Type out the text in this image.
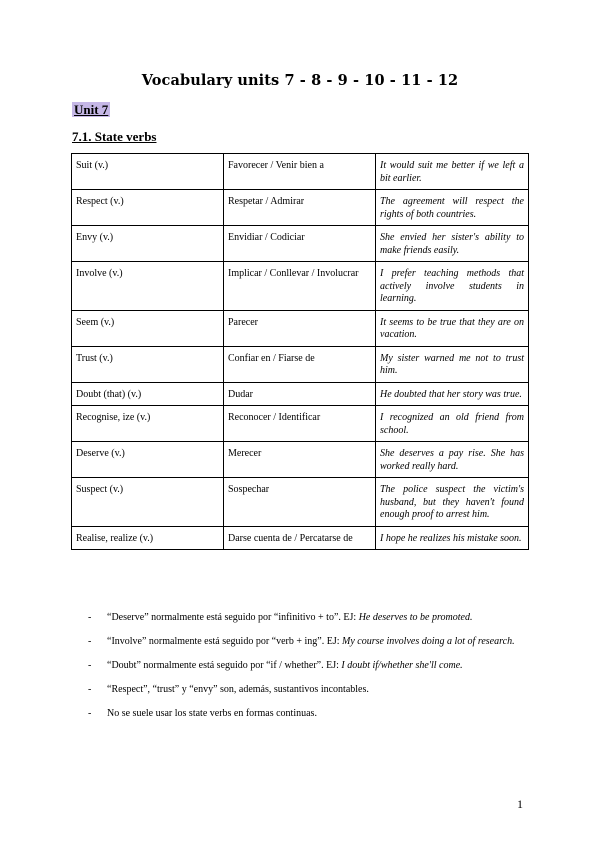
Vocabulary units 7 - 8 - 9 - 10 - 11 - 12
Unit 7
7.1. State verbs
Suit (v.)	Favorecer / Venir bien a	It would suit me better if we left a bit earlier.
Respect (v.)	Respetar / Admirar	The agreement will respect the rights of both countries.
Envy (v.)	Envidiar / Codiciar	She envied her sister's ability to make friends easily.
Involve (v.)	Implicar / Conllevar / Involucrar	I prefer teaching methods that actively involve students in learning.
Seem (v.)	Parecer	It seems to be true that they are on vacation.
Trust (v.)	Confiar en / Fiarse de	My sister warned me not to trust him.
Doubt (that) (v.)	Dudar	He doubted that her story was true.
Recognise, ize (v.)	Reconocer / Identificar	I recognized an old friend from school.
Deserve (v.)	Merecer	She deserves a pay rise. She has worked really hard.
Suspect (v.)	Sospechar	The police suspect the victim's husband, but they haven't found enough proof to arrest him.
Realise, realize (v.)	Darse cuenta de / Percatarse de	I hope he realizes his mistake soon.
- “Deserve” normalmente está seguido por “infinitivo + to”. EJ: He deserves to be promoted.
- “Involve” normalmente está seguido por “verb + ing”. EJ: My course involves doing a lot of research.
- “Doubt” normalmente está seguido por “if / whether”. EJ: I doubt if/whether she'll come.
- “Respect”, “trust” y “envy” son, además, sustantivos incontables.
- No se suele usar los state verbs en formas continuas.
1
